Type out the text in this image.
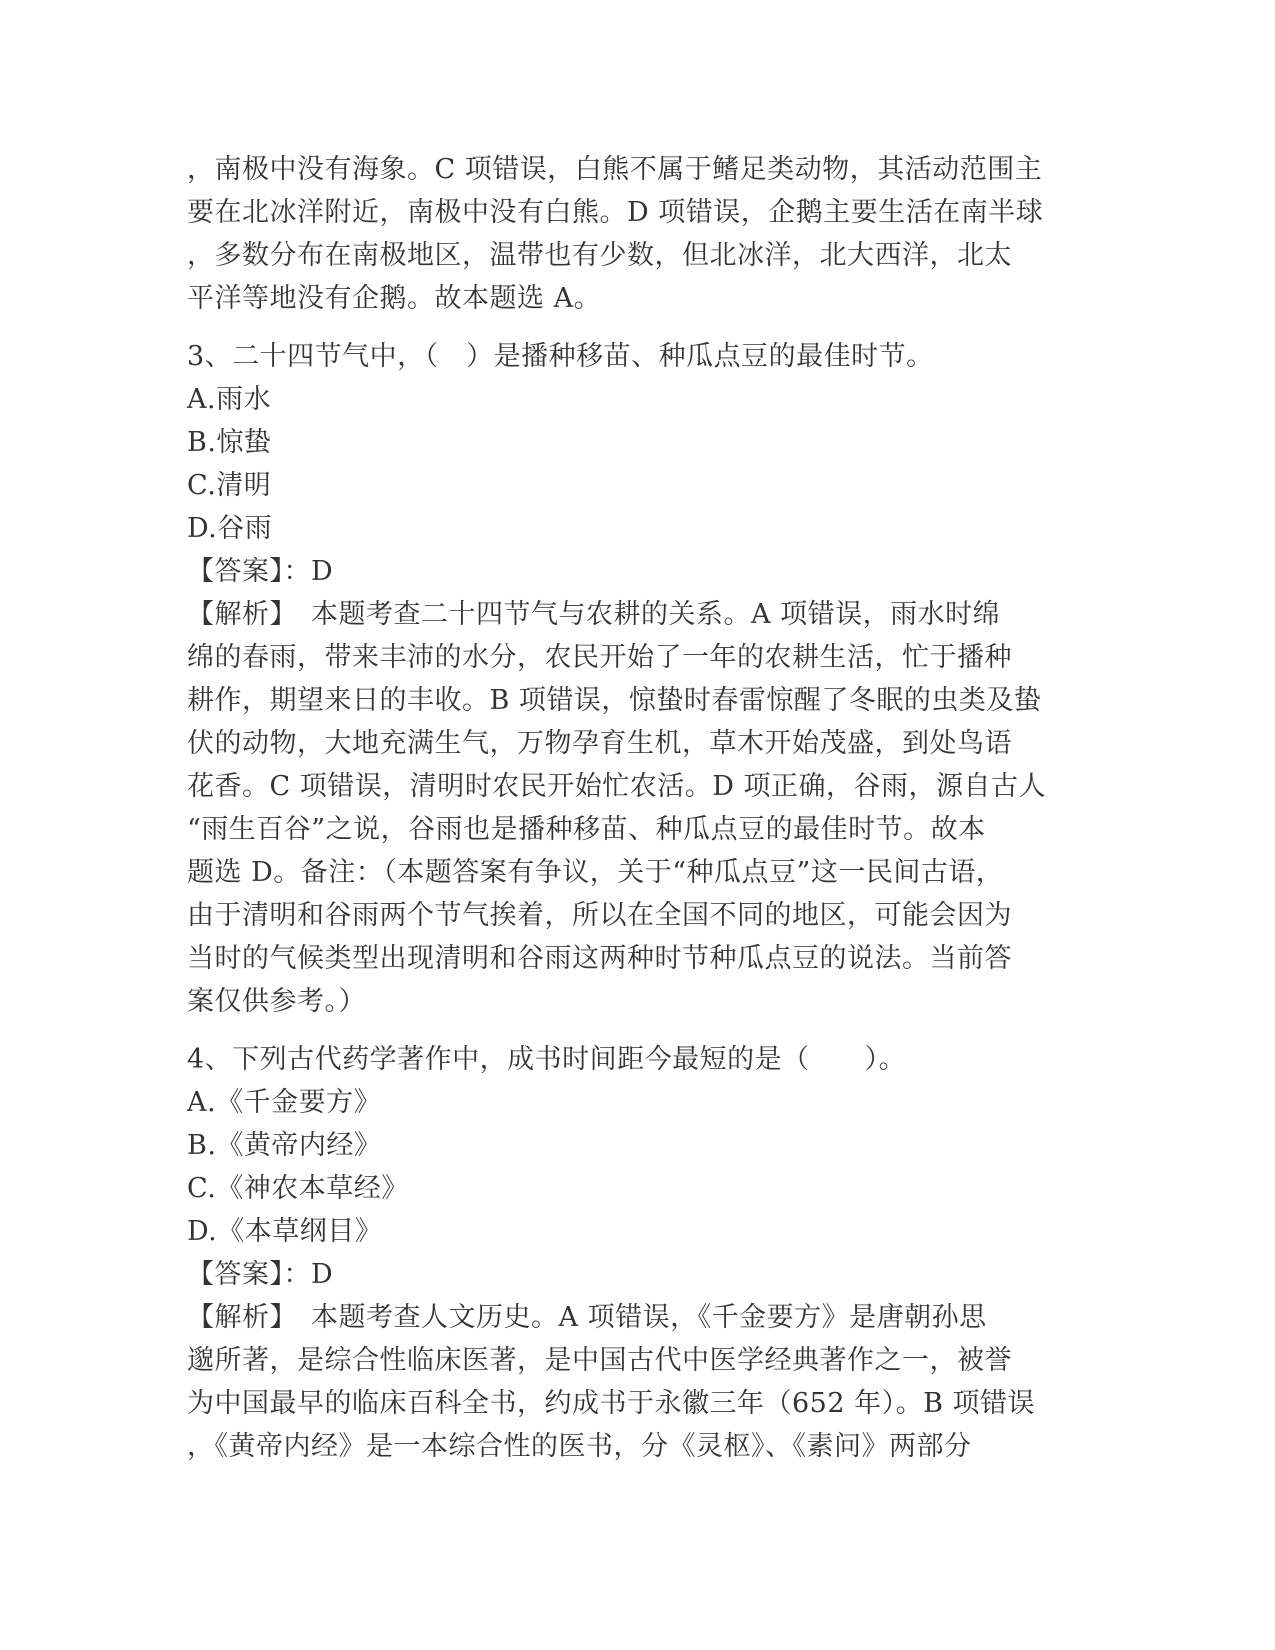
，南极中没有海象。C 项错误，白熊不属于鳍足类动物，其活动范围主
要在北冰洋附近，南极中没有白熊。D 项错误，企鹅主要生活在南半球
，多数分布在南极地区，温带也有少数，但北冰洋，北大西洋，北太
平洋等地没有企鹅。故本题选 A。
3、二十四节气中，（　）是播种移苗、种瓜点豆的最佳时节。
A.雨水
B.惊蛰
C.清明
D.谷雨
【答案】：D
【解析】　本题考查二十四节气与农耕的关系。A 项错误，雨水时绵
绵的春雨，带来丰沛的水分，农民开始了一年的农耕生活，忙于播种
耕作，期望来日的丰收。B 项错误，惊蛰时春雷惊醒了冬眠的虫类及蛰
伏的动物，大地充满生气，万物孕育生机，草木开始茂盛，到处鸟语
花香。C 项错误，清明时农民开始忙农活。D 项正确，谷雨，源自古人
“雨生百谷”之说，谷雨也是播种移苗、种瓜点豆的最佳时节。故本
题选 D。备注：（本题答案有争议，关于“种瓜点豆”这一民间古语，
由于清明和谷雨两个节气挨着，所以在全国不同的地区，可能会因为
当时的气候类型出现清明和谷雨这两种时节种瓜点豆的说法。当前答
案仅供参考。）
4、下列古代药学著作中，成书时间距今最短的是（　　）。
A.《千金要方》
B.《黄帝内经》
C.《神农本草经》
D.《本草纲目》
【答案】：D
【解析】　本题考查人文历史。A 项错误，《千金要方》是唐朝孙思
邈所著，是综合性临床医著，是中国古代中医学经典著作之一，被誉
为中国最早的临床百科全书，约成书于永徽三年（652 年）。B 项错误
，《黄帝内经》是一本综合性的医书，分《灵枢》、《素问》两部分
